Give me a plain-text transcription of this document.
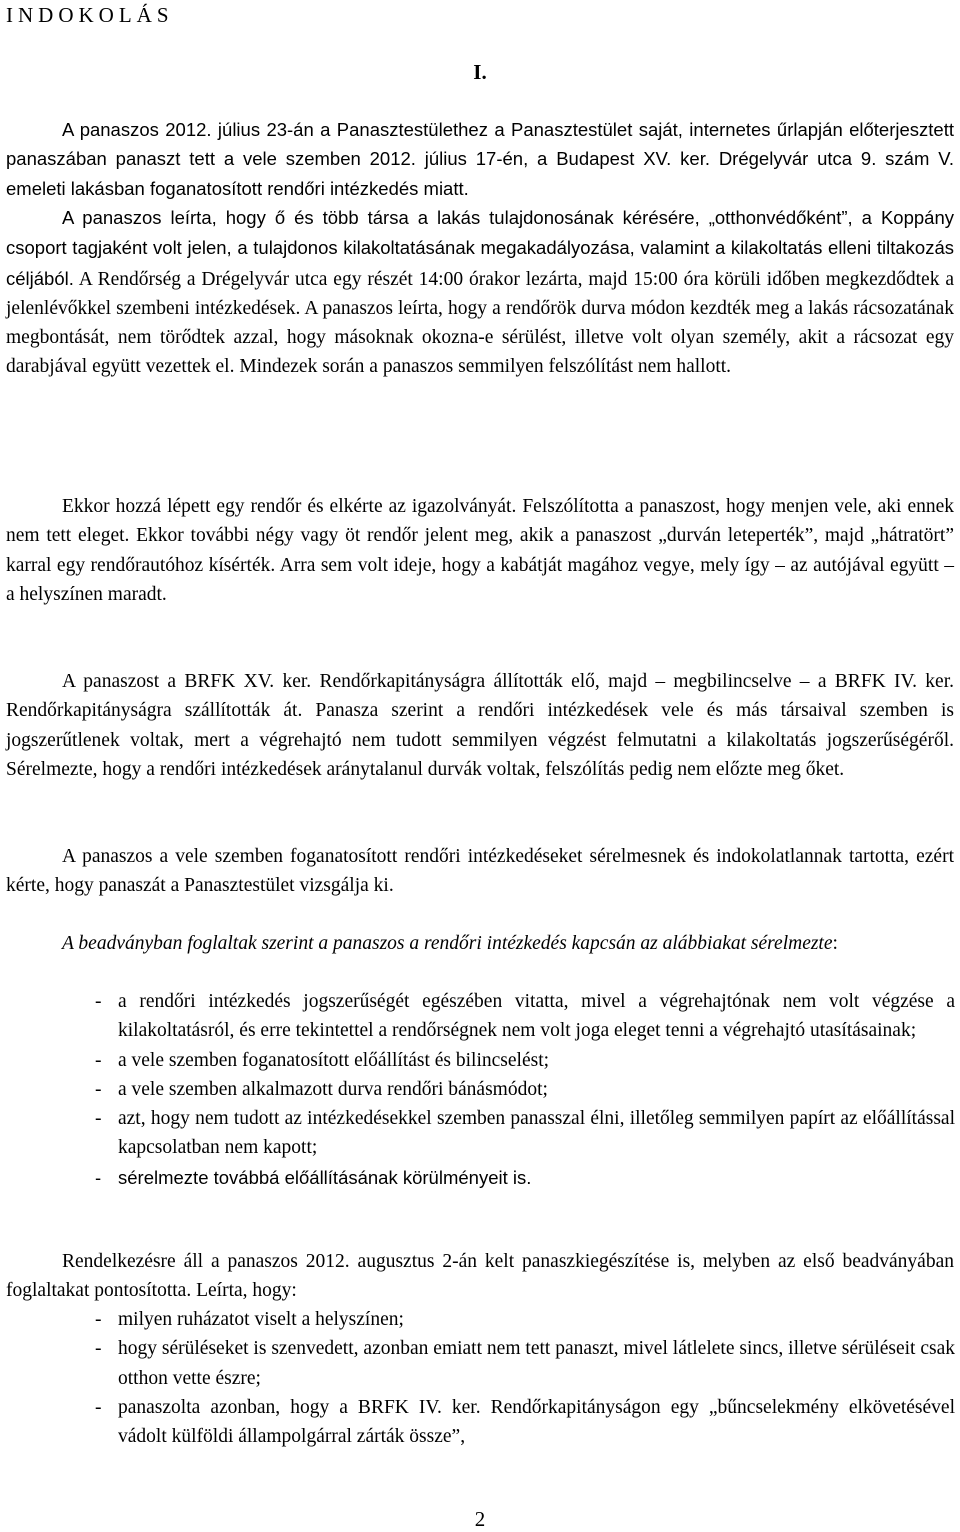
INDOKOLÁS
I.

A panaszos 2012. július 23-án a Panasztestülethez a Panasztestület saját, internetes űrlapján előterjesztett panaszában panaszt tett a vele szemben 2012. július 17-én, a Budapest XV. ker. Drégelyvár utca 9. szám V. emeleti lakásban foganatosított rendőri intézkedés miatt.

A panaszos leírta, hogy ő és több társa a lakás tulajdonosának kérésére, „otthonvédőként”, a Koppány csoport tagjaként volt jelen, a tulajdonos kilakoltatásának megakadályozása, valamint a kilakoltatás elleni tiltakozás céljából. A Rendőrség a Drégelyvár utca egy részét 14:00 órakor lezárta, majd 15:00 óra körüli időben megkezdődtek a jelenlévőkkel szembeni intézkedések. A panaszos leírta, hogy a rendőrök durva módon kezdték meg a lakás rácsozatának megbontását, nem törődtek azzal, hogy másoknak okozna-e sérülést, illetve volt olyan személy, akit a rácsozat egy darabjával együtt vezettek el. Mindezek során a panaszos semmilyen felszólítást nem hallott.

Ekkor hozzá lépett egy rendőr és elkérte az igazolványát. Felszólította a panaszost, hogy menjen vele, aki ennek nem tett eleget. Ekkor további négy vagy öt rendőr jelent meg, akik a panaszost „durván leteperték”, majd „hátratört” karral egy rendőrautóhoz kísérték. Arra sem volt ideje, hogy a kabátját magához vegye, mely így – az autójával együtt – a helyszínen maradt.

A panaszost a BRFK XV. ker. Rendőrkapitányságra állították elő, majd – megbilincselve – a BRFK IV. ker. Rendőrkapitányságra szállították át. Panasza szerint a rendőri intézkedések vele és más társaival szemben is jogszerűtlenek voltak, mert a végrehajtó nem tudott semmilyen végzést felmutatni a kilakoltatás jogszerűségéről. Sérelmezte, hogy a rendőri intézkedések aránytalanul durvák voltak, felszólítás pedig nem előzte meg őket.

A panaszos a vele szemben foganatosított rendőri intézkedéseket sérelmesnek és indokolatlannak tartotta, ezért kérte, hogy panaszát a Panasztestület vizsgálja ki.

A beadványban foglaltak szerint a panaszos a rendőri intézkedés kapcsán az alábbiakat sérelmezte:

- a rendőri intézkedés jogszerűségét egészében vitatta, mivel a végrehajtónak nem volt végzése a kilakoltatásról, és erre tekintettel a rendőrségnek nem volt joga eleget tenni a végrehajtó utasításainak;
- a vele szemben foganatosított előállítást és bilincselést;
- a vele szemben alkalmazott durva rendőri bánásmódot;
- azt, hogy nem tudott az intézkedésekkel szemben panasszal élni, illetőleg semmilyen papírt az előállítással kapcsolatban nem kapott;
- sérelmezte továbbá előállításának körülményeit is.

Rendelkezésre áll a panaszos 2012. augusztus 2-án kelt panaszkiegészítése is, melyben az első beadványában foglaltakat pontosította. Leírta, hogy:

- milyen ruházatot viselt a helyszínen;
- hogy sérüléseket is szenvedett, azonban emiatt nem tett panaszt, mivel látlelete sincs, illetve sérüléseit csak otthon vette észre;
- panaszolta azonban, hogy a BRFK IV. ker. Rendőrkapitányságon egy „bűncselekmény elkövetésével vádolt külföldi állampolgárral zárták össze”,
2
